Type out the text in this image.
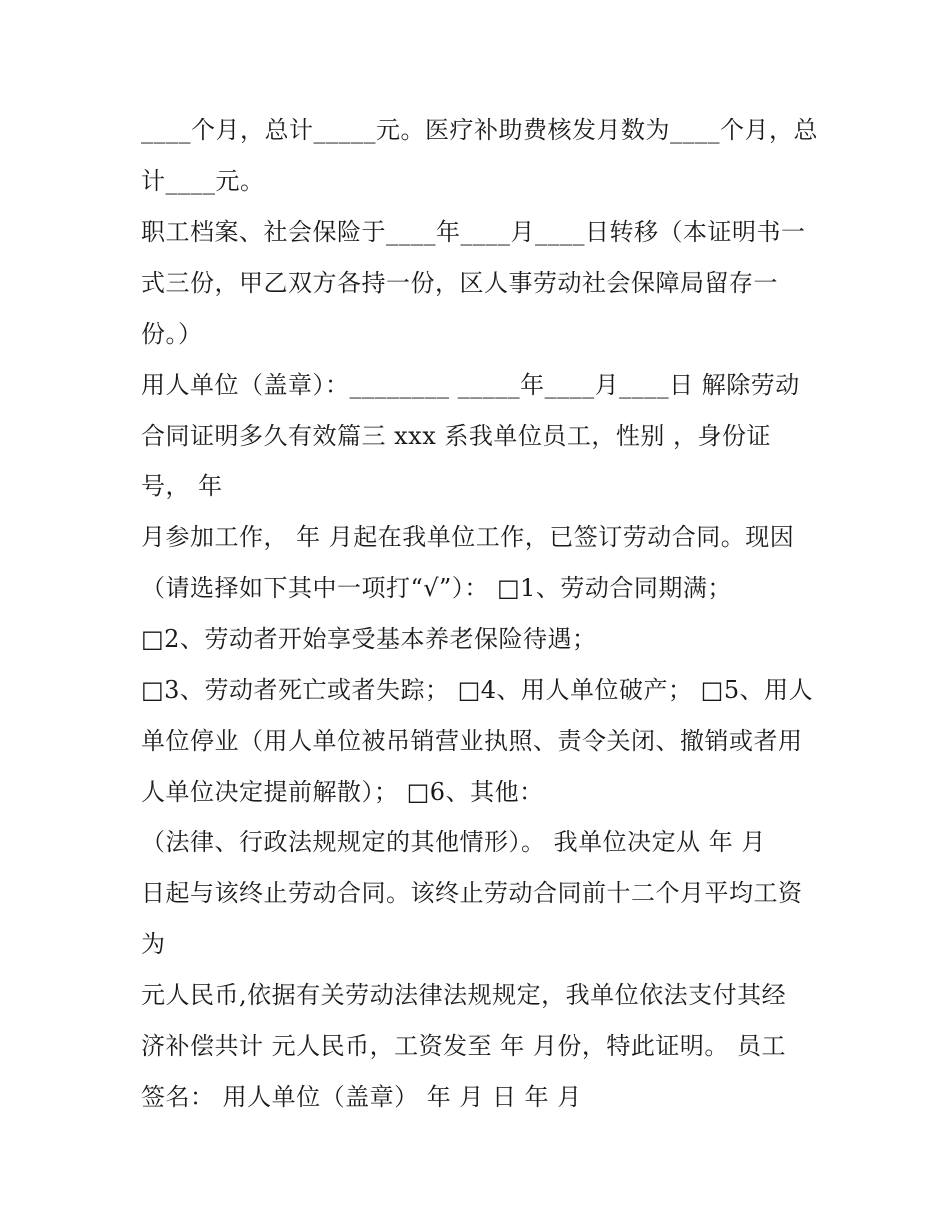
____个月，总计_____元。医疗补助费核发月数为____个月，总
计____元。
职工档案、社会保险于____年____月____日转移（本证明书一
式三份，甲乙双方各持一份，区人事劳动社会保障局留存一
份。）
用人单位（盖章）：________ _____年____月____日 解除劳动
合同证明多久有效篇三 xxx 系我单位员工，性别 ，身份证
号， 年
月参加工作， 年 月起在我单位工作，已签订劳动合同。现因
（请选择如下其中一项打“√”）： □1、劳动合同期满；
□2、劳动者开始享受基本养老保险待遇；
□3、劳动者死亡或者失踪； □4、用人单位破产； □5、用人
单位停业（用人单位被吊销营业执照、责令关闭、撤销或者用
人单位决定提前解散）； □6、其他：
（法律、行政法规规定的其他情形）。 我单位决定从 年 月
日起与该终止劳动合同。该终止劳动合同前十二个月平均工资
为
元人民币,依据有关劳动法律法规规定，我单位依法支付其经
济补偿共计 元人民币，工资发至 年 月份，特此证明。 员工
签名： 用人单位（盖章） 年 月 日 年 月
